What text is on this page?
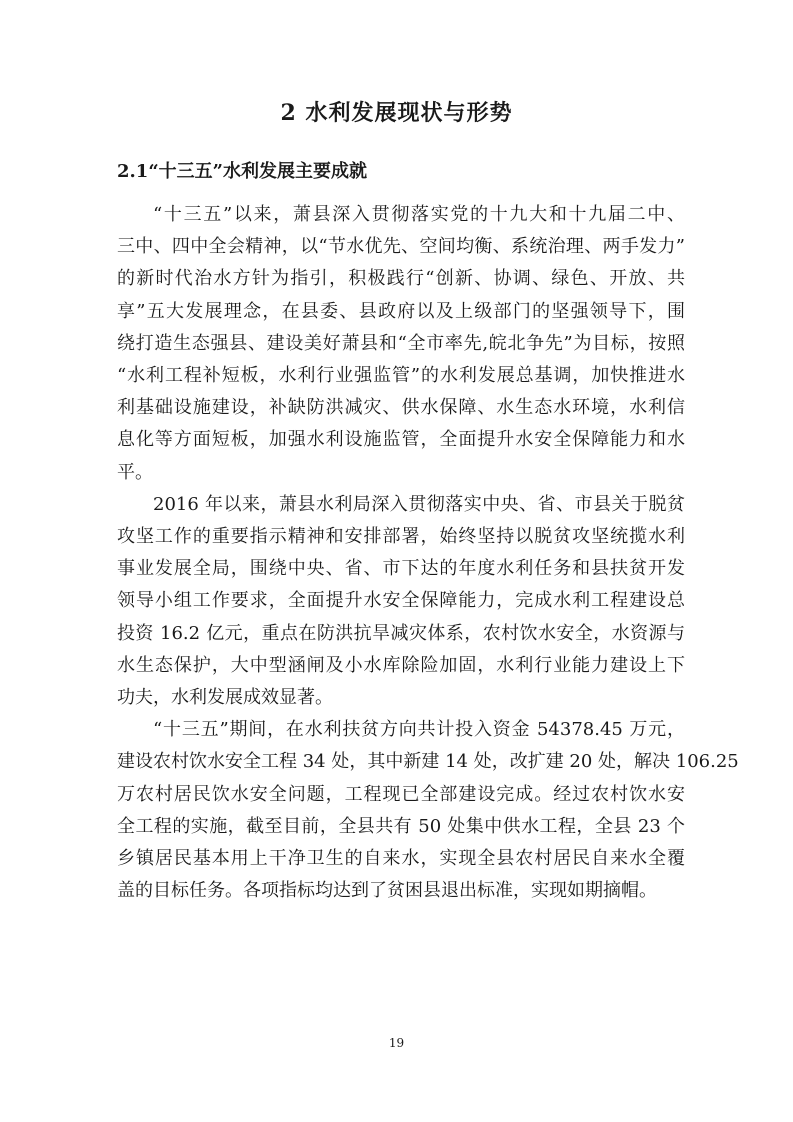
2 水利发展现状与形势
2.1“十三五”水利发展主要成就

“十三五”以来，萧县深入贯彻落实党的十九大和十九届二中、
三中、四中全会精神，以“节水优先、空间均衡、系统治理、两手发力”
的新时代治水方针为指引，积极践行“创新、协调、绿色、开放、共
享”五大发展理念，在县委、县政府以及上级部门的坚强领导下，围
绕打造生态强县、建设美好萧县和“全市率先,皖北争先”为目标，按照
“水利工程补短板，水利行业强监管”的水利发展总基调，加快推进水
利基础设施建设，补缺防洪减灾、供水保障、水生态水环境，水利信
息化等方面短板，加强水利设施监管，全面提升水安全保障能力和水
平。

2016 年以来，萧县水利局深入贯彻落实中央、省、市县关于脱贫
攻坚工作的重要指示精神和安排部署，始终坚持以脱贫攻坚统揽水利
事业发展全局，围绕中央、省、市下达的年度水利任务和县扶贫开发
领导小组工作要求，全面提升水安全保障能力，完成水利工程建设总
投资 16.2 亿元，重点在防洪抗旱减灾体系，农村饮水安全，水资源与
水生态保护，大中型涵闸及小水库除险加固，水利行业能力建设上下
功夫，水利发展成效显著。

“十三五”期间，在水利扶贫方向共计投入资金 54378.45 万元，
建设农村饮水安全工程 34 处，其中新建 14 处，改扩建 20 处，解决 106.25
万农村居民饮水安全问题，工程现已全部建设完成。经过农村饮水安
全工程的实施，截至目前，全县共有 50 处集中供水工程，全县 23 个
乡镇居民基本用上干净卫生的自来水，实现全县农村居民自来水全覆
盖的目标任务。各项指标均达到了贫困县退出标准，实现如期摘帽。

19
